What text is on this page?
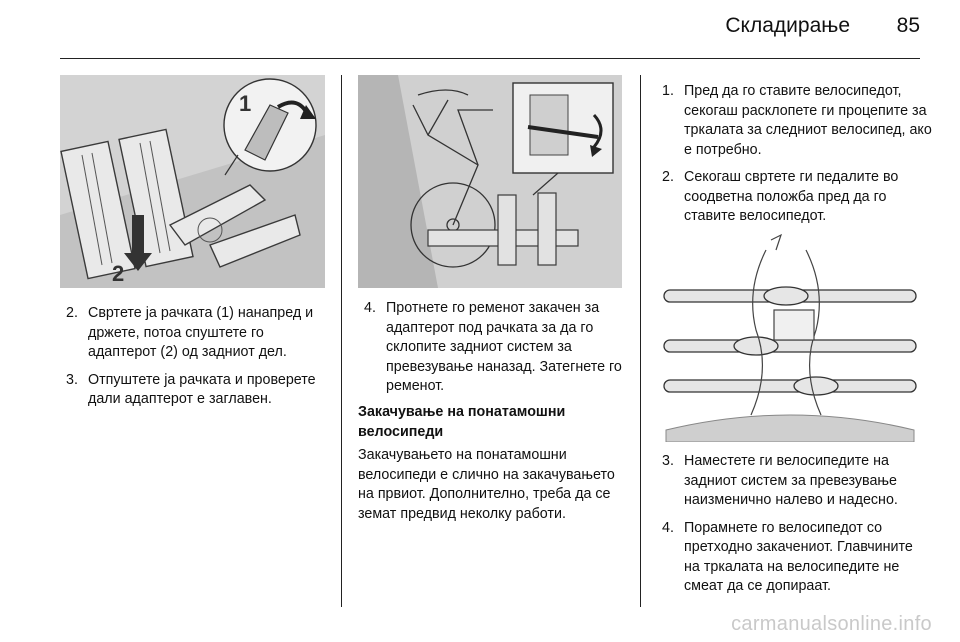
Складирање 85
1
2
2. Свртете ја рачката (1) нанапред и држете, потоа спуштете го адаптерот (2) од задниот дел.
3. Отпуштете ја рачката и проверете дали адаптерот е заглавен.
4. Протнете го ременот закачен за адаптерот под рачката за да го склопите задниот систем за превезување наназад. Затегнете го ременот.
Закачување на понатамошни велосипеди

Закачувањето на понатамошни велосипеди е слично на закачувањето на првиот. Дополнително, треба да се земат предвид неколку работи.

1. Пред да го ставите велосипедот, секогаш расклопете ги процепите за тркалата за следниот велосипед, ако е потребно.
2. Секогаш свртете ги педалите во соодветна положба пред да го ставите велосипедот.
3. Наместете ги велосипедите на задниот систем за превезување наизменично налево и надесно.
4. Порамнете го велосипедот со претходно закачениот. Главчините на тркалата на велосипедите не смеат да се допираат.
carmanualsonline.info
